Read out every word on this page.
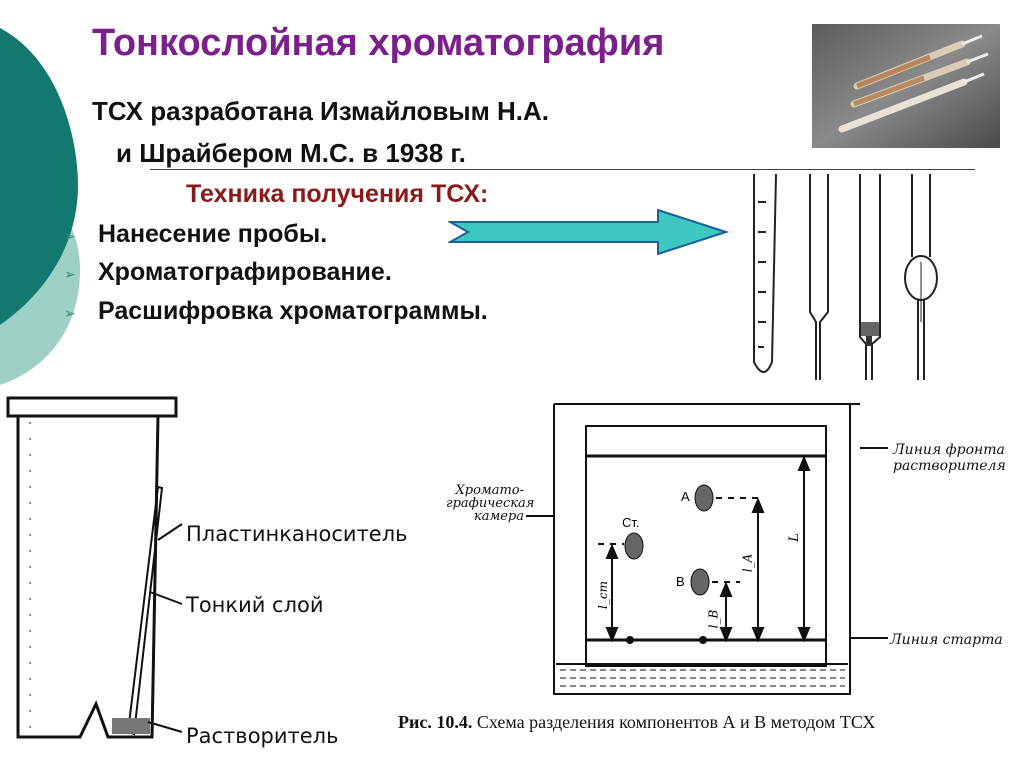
Тонкослойная хроматография
ТСХ разработана Измайловым Н.А.
и Шрайбером М.С. в 1938 г.
Техника получения ТСХ:
➢ Нанесение пробы.
➢ Хроматографирование.
➢ Расшифровка хроматограммы.
Пластинканоситель
Тонкий слой
Растворитель
Хромато-
графическая
камера
Линия фронта
растворителя
Линия старта
А
В
Ст.
L
l_A
l_B
l_ст
Рис. 10.4. Схема разделения компонентов А и В методом ТСХ
